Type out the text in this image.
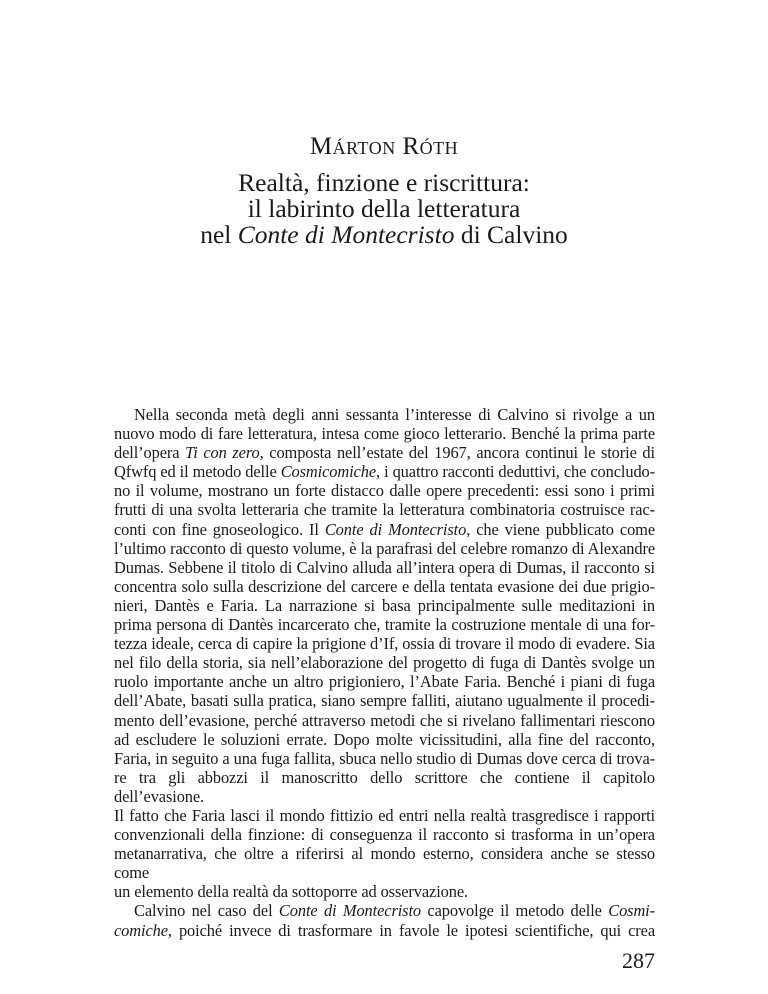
Márton Róth
Realtà, finzione e riscrittura:
il labirinto della letteratura
nel Conte di Montecristo di Calvino
Nella seconda metà degli anni sessanta l’interesse di Calvino si rivolge a un
nuovo modo di fare letteratura, intesa come gioco letterario. Benché la prima parte
dell’opera Ti con zero, composta nell’estate del 1967, ancora continui le storie di
Qfwfq ed il metodo delle Cosmicomiche, i quattro racconti deduttivi, che concludo-
no il volume, mostrano un forte distacco dalle opere precedenti: essi sono i primi
frutti di una svolta letteraria che tramite la letteratura combinatoria costruisce rac-
conti con fine gnoseologico. Il Conte di Montecristo, che viene pubblicato come
l’ultimo racconto di questo volume, è la parafrasi del celebre romanzo di Alexandre
Dumas. Sebbene il titolo di Calvino alluda all’intera opera di Dumas, il racconto si
concentra solo sulla descrizione del carcere e della tentata evasione dei due prigio-
nieri, Dantès e Faria. La narrazione si basa principalmente sulle meditazioni in
prima persona di Dantès incarcerato che, tramite la costruzione mentale di una for-
tezza ideale, cerca di capire la prigione d’If, ossia di trovare il modo di evadere. Sia
nel filo della storia, sia nell’elaborazione del progetto di fuga di Dantès svolge un
ruolo importante anche un altro prigioniero, l’Abate Faria. Benché i piani di fuga
dell’Abate, basati sulla pratica, siano sempre falliti, aiutano ugualmente il procedi-
mento dell’evasione, perché attraverso metodi che si rivelano fallimentari riescono
ad escludere le soluzioni errate. Dopo molte vicissitudini, alla fine del racconto,
Faria, in seguito a una fuga fallita, sbuca nello studio di Dumas dove cerca di trova-
re tra gli abbozzi il manoscritto dello scrittore che contiene il capitolo dell’evasione.
Il fatto che Faria lasci il mondo fittizio ed entri nella realtà trasgredisce i rapporti
convenzionali della finzione: di conseguenza il racconto si trasforma in un’opera
metanarrativa, che oltre a riferirsi al mondo esterno, considera anche se stesso come
un elemento della realtà da sottoporre ad osservazione.
Calvino nel caso del Conte di Montecristo capovolge il metodo delle Cosmi-
comiche, poiché invece di trasformare in favole le ipotesi scientifiche, qui crea
287
